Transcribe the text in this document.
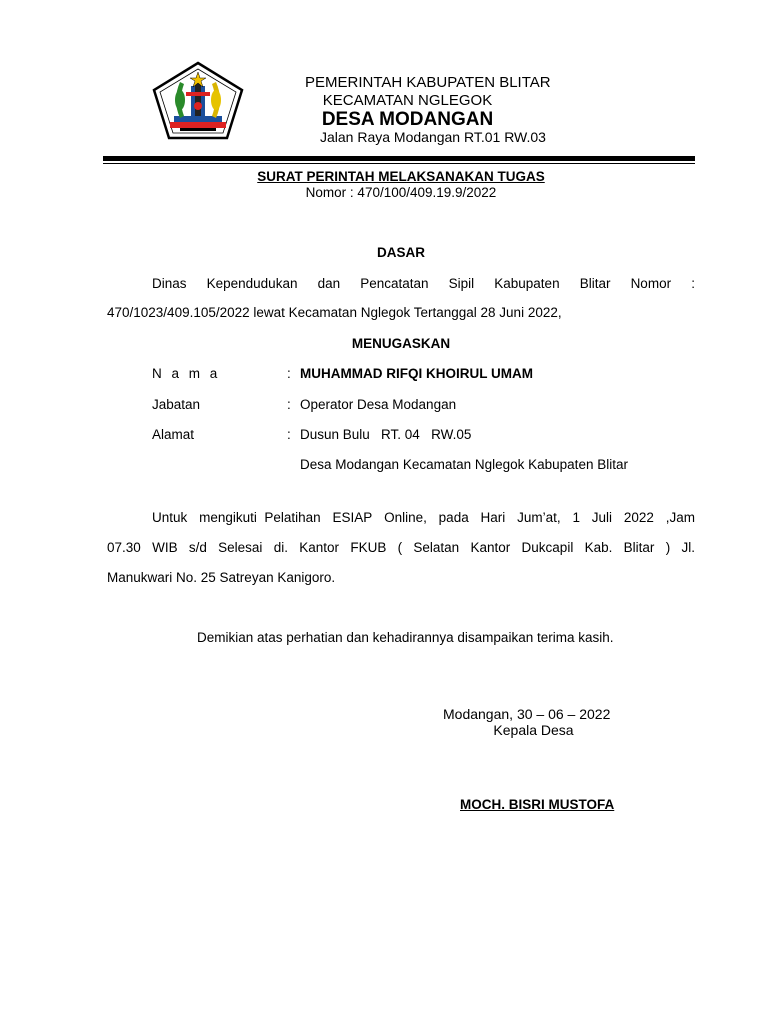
PEMERINTAH KABUPATEN BLITAR
KECAMATAN NGLEGOK
DESA MODANGAN
Jalan Raya Modangan RT.01 RW.03
SURAT PERINTAH MELAKSANAKAN TUGAS
Nomor : 470/100/409.19.9/2022
DASAR
Dinas Kependudukan dan Pencatatan Sipil Kabupaten Blitar Nomor :
470/1023/409.105/2022 lewat Kecamatan Nglegok Tertanggal 28 Juni 2022,
MENUGASKAN
N a m a	: MUHAMMAD RIFQI KHOIRUL UMAM
Jabatan	: Operator Desa Modangan
Alamat	: Dusun Bulu   RT. 04   RW.05
Desa Modangan Kecamatan Nglegok Kabupaten Blitar
Untuk mengikuti  Pelatihan ESIAP Online, pada Hari Jum’at, 1 Juli 2022 ,Jam
07.30 WIB s/d Selesai di. Kantor FKUB ( Selatan Kantor Dukcapil Kab. Blitar ) Jl.
Manukwari No. 25 Satreyan Kanigoro.
Demikian atas perhatian dan kehadirannya disampaikan terima kasih.
Modangan, 30 – 06 – 2022
Kepala Desa
MOCH. BISRI MUSTOFA
